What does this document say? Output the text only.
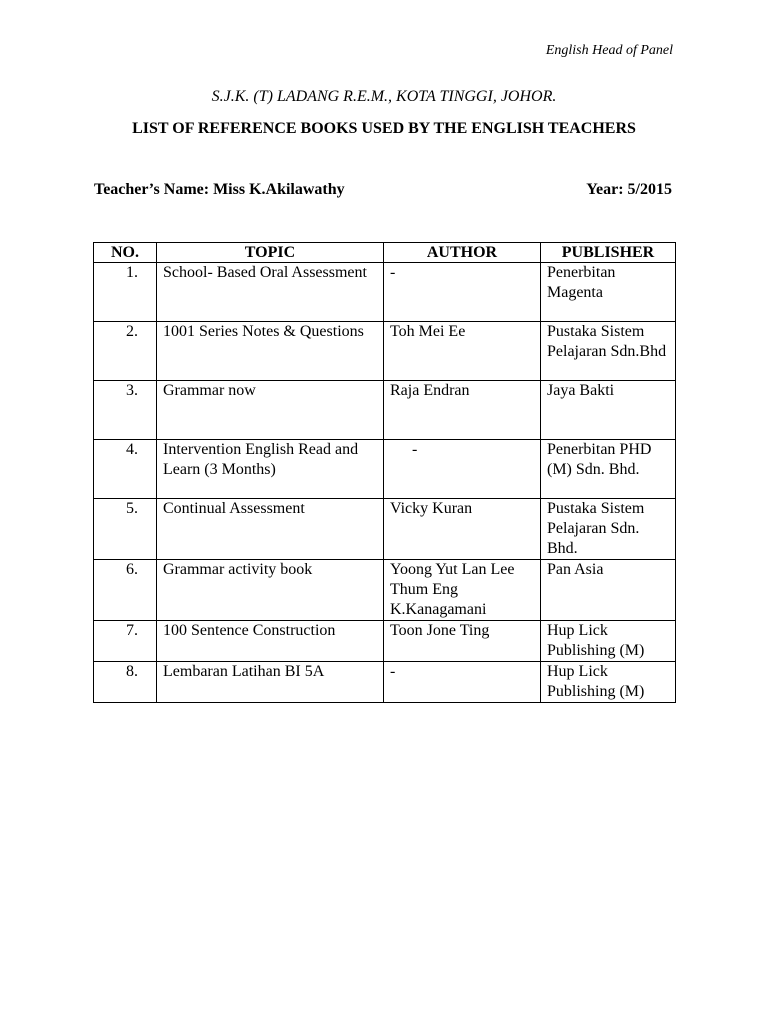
English Head of Panel
S.J.K. (T) LADANG R.E.M., KOTA TINGGI, JOHOR.
LIST OF REFERENCE BOOKS USED BY THE ENGLISH TEACHERS
Teacher’s Name: Miss K.Akilawathy	Year: 5/2015
NO.	TOPIC	AUTHOR	PUBLISHER
1.	School- Based Oral Assessment	-	Penerbitan Magenta
2.	1001 Series Notes & Questions	Toh Mei Ee	Pustaka Sistem Pelajaran Sdn.Bhd
3.	Grammar now	Raja Endran	Jaya Bakti
4.	Intervention English Read and Learn (3 Months)	-	Penerbitan PHD (M) Sdn. Bhd.
5.	Continual Assessment	Vicky Kuran	Pustaka Sistem Pelajaran Sdn. Bhd.
6.	Grammar activity book	Yoong Yut Lan Lee Thum Eng K.Kanagamani	Pan Asia
7.	100 Sentence Construction	Toon Jone Ting	Hup Lick Publishing (M)
8.	Lembaran Latihan BI 5A	-	Hup Lick Publishing (M)
